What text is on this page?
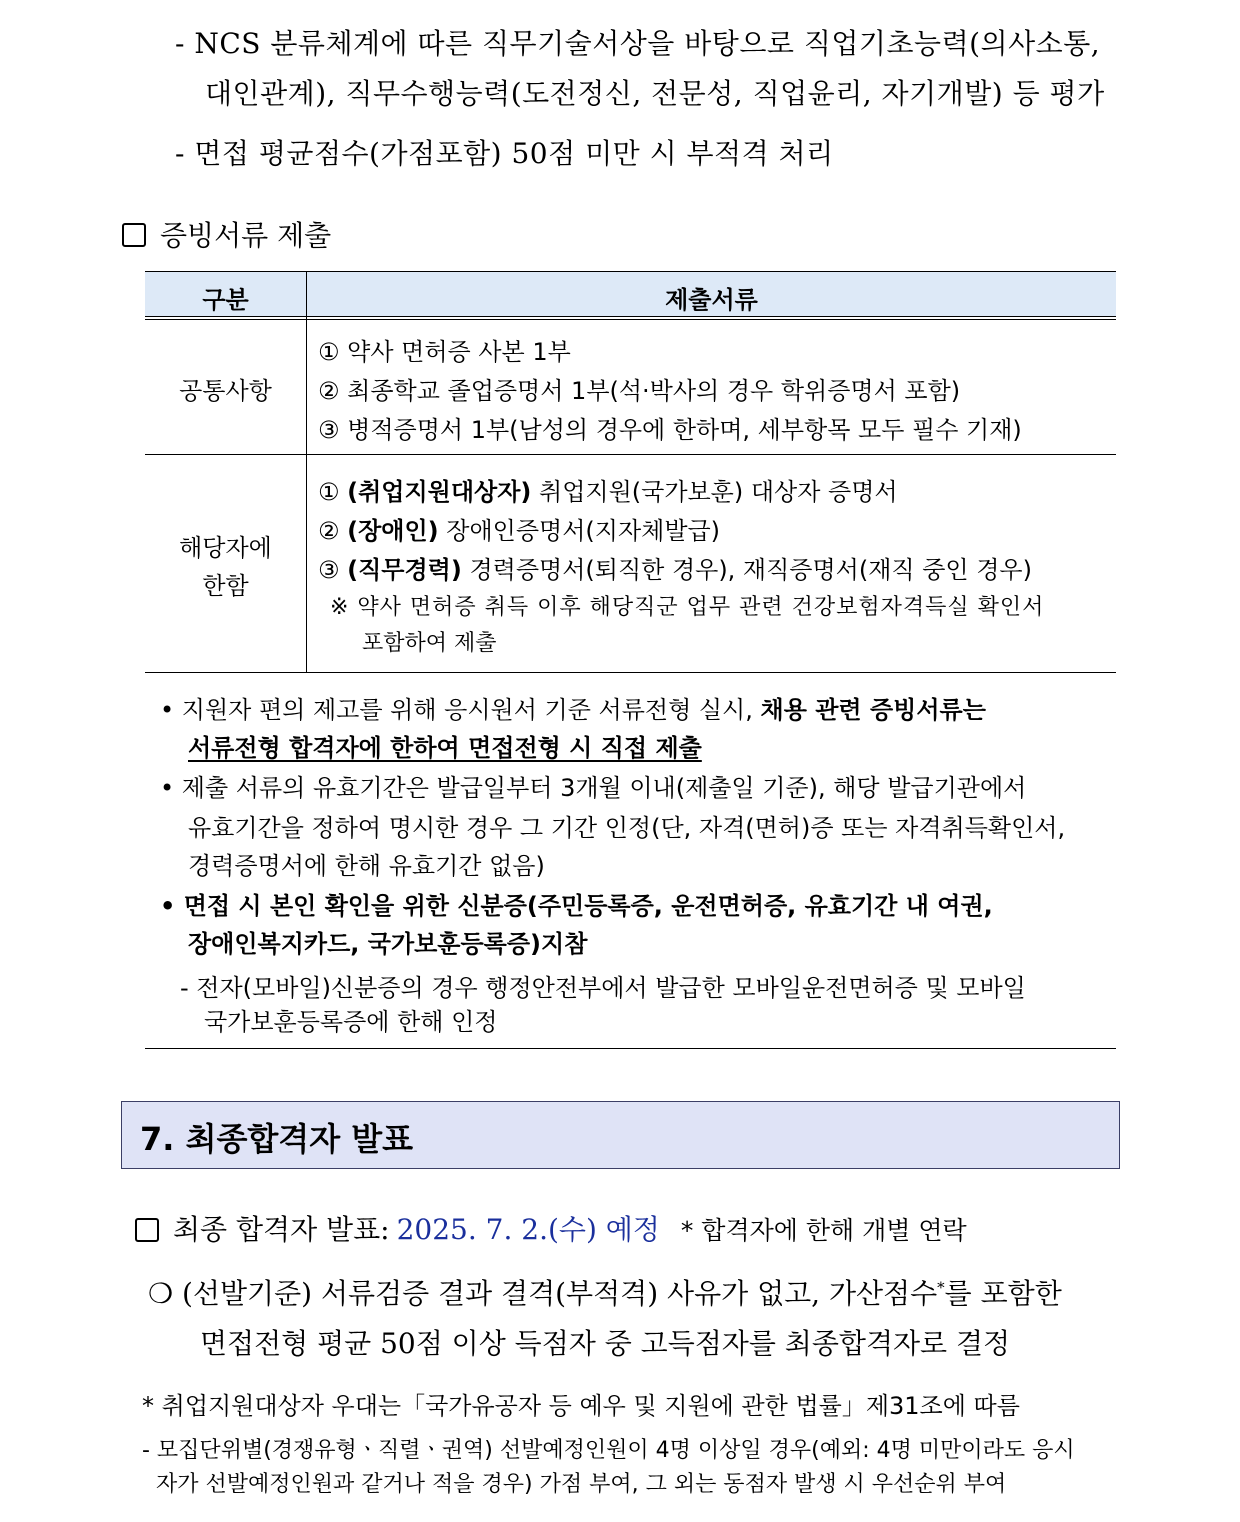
- NCS 분류체계에 따른 직무기술서상을 바탕으로 직업기초능력(의사소통,
대인관계), 직무수행능력(도전정신, 전문성, 직업윤리, 자기개발) 등 평가
- 면접 평균점수(가점포함) 50점 미만 시 부적격 처리
증빙서류 제출
구분	제출서류
공통사항
① 약사 면허증 사본 1부
② 최종학교 졸업증명서 1부(석·박사의 경우 학위증명서 포함)
③ 병적증명서 1부(남성의 경우에 한하며, 세부항목 모두 필수 기재)
해당자에
한함
① (취업지원대상자) 취업지원(국가보훈) 대상자 증명서
② (장애인) 장애인증명서(지자체발급)
③ (직무경력) 경력증명서(퇴직한 경우), 재직증명서(재직 중인 경우)
※ 약사 면허증 취득 이후 해당직군 업무 관련 건강보험자격득실 확인서
포함하여 제출
• 지원자 편의 제고를 위해 응시원서 기준 서류전형 실시, 채용 관련 증빙서류는
서류전형 합격자에 한하여 면접전형 시 직접 제출
• 제출 서류의 유효기간은 발급일부터 3개월 이내(제출일 기준), 해당 발급기관에서
유효기간을 정하여 명시한 경우 그 기간 인정(단, 자격(면허)증 또는 자격취득확인서,
경력증명서에 한해 유효기간 없음)
• 면접 시 본인 확인을 위한 신분증(주민등록증, 운전면허증, 유효기간 내 여권,
장애인복지카드, 국가보훈등록증)지참
- 전자(모바일)신분증의 경우 행정안전부에서 발급한 모바일운전면허증 및 모바일
국가보훈등록증에 한해 인정
7. 최종합격자 발표
최종 합격자 발표: 2025. 7. 2.(수) 예정 * 합격자에 한해 개별 연락
❍ (선발기준) 서류검증 결과 결격(부적격) 사유가 없고, 가산점수*를 포함한
면접전형 평균 50점 이상 득점자 중 고득점자를 최종합격자로 결정
* 취업지원대상자 우대는「국가유공자 등 예우 및 지원에 관한 법률」제31조에 따름
- 모집단위별(경쟁유형ㆍ직렬ㆍ권역) 선발예정인원이 4명 이상일 경우(예외: 4명 미만이라도 응시
자가 선발예정인원과 같거나 적을 경우) 가점 부여, 그 외는 동점자 발생 시 우선순위 부여
